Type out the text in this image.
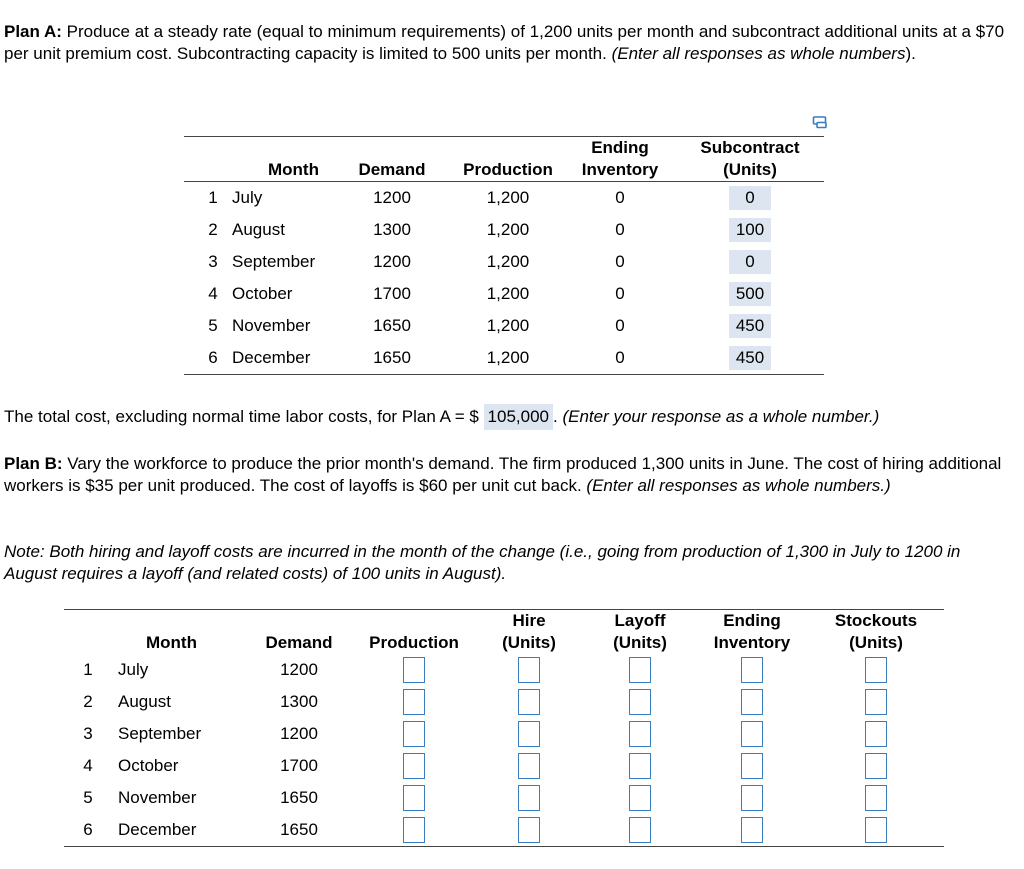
Plan A: Produce at a steady rate (equal to minimum requirements) of 1,200 units per month and subcontract additional units at a $70 per unit premium cost. Subcontracting capacity is limited to 500 units per month. (Enter all responses as whole numbers).
	Month	Demand	Production	Ending
Inventory	Subcontract
(Units)

1	July	1200	1,200	0	0
2	August	1300	1,200	0	100
3	September	1200	1,200	0	0
4	October	1700	1,200	0	500
5	November	1650	1,200	0	450
6	December	1650	1,200	0	450
The total cost, excluding normal time labor costs, for Plan A = $ 105,000 . (Enter your response as a whole number.)
Plan B: Vary the workforce to produce the prior month's demand. The firm produced 1,300 units in June. The cost of hiring additional workers is $35 per unit produced. The cost of layoffs is $60 per unit cut back. (Enter all responses as whole numbers.)
Note: Both hiring and layoff costs are incurred in the month of the change (i.e., going from production of 1,300 in July to 1200 in August requires a layoff (and related costs) of 100 units in August).
	Month	Demand	Production	Hire
(Units)	Layoff
(Units)	Ending
Inventory	Stockouts
(Units)
1	July	1200					
2	August	1300					
3	September	1200					
4	October	1700					
5	November	1650					
6	December	1650					
